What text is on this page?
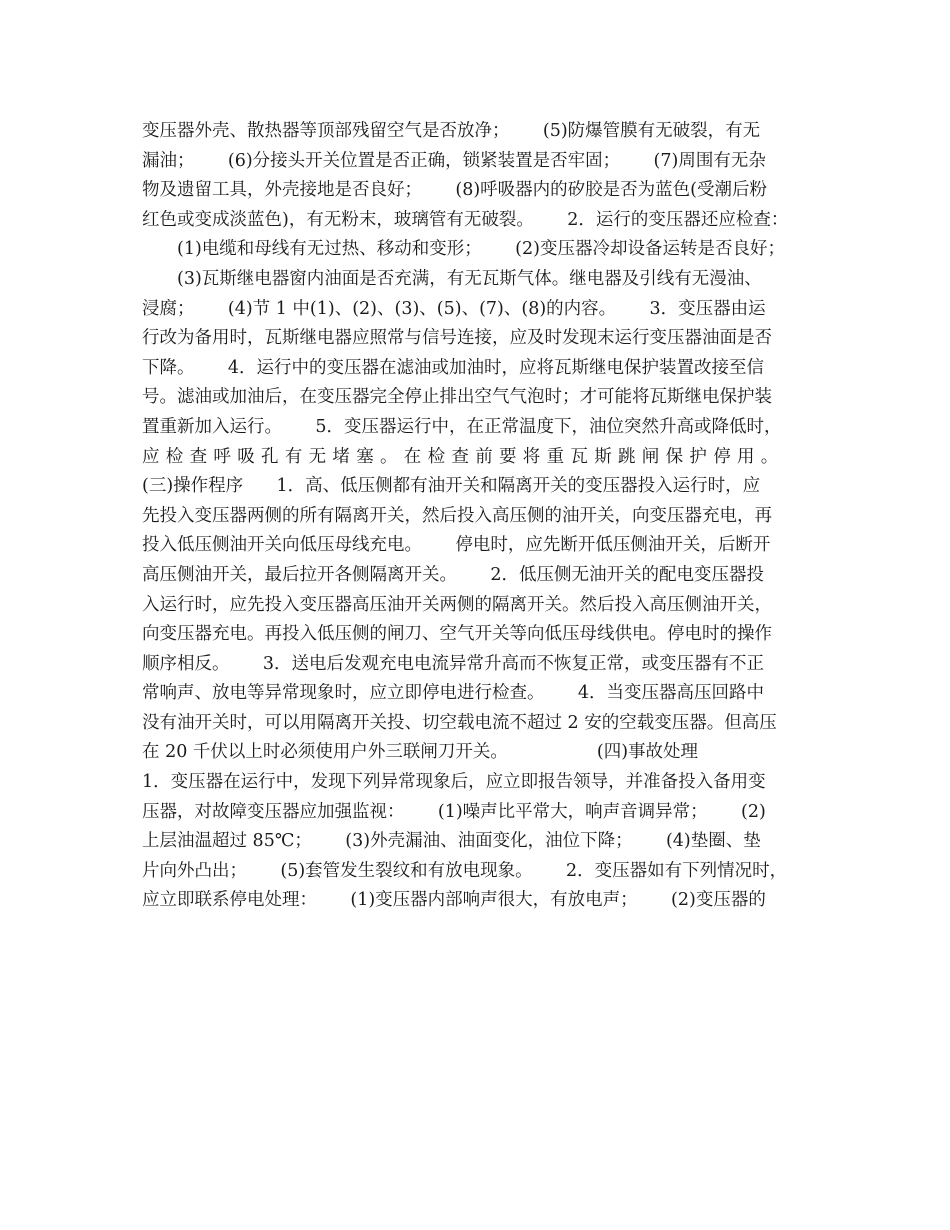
变压器外壳、散热器等顶部残留空气是否放净；      (5)防爆管膜有无破裂，有无
漏油；      (6)分接头开关位置是否正确，锁紧装置是否牢固；      (7)周围有无杂
物及遗留工具，外壳接地是否良好；      (8)呼吸器内的矽胶是否为蓝色(受潮后粉
红色或变成淡蓝色)，有无粉末，玻璃管有无破裂。      2．运行的变压器还应检查：
(1)电缆和母线有无过热、移动和变形；      (2)变压器冷却设备运转是否良好；
(3)瓦斯继电器窗内油面是否充满，有无瓦斯气体。继电器及引线有无漫油、
浸腐；      (4)节 1 中(1)、(2)、(3)、(5)、(7)、(8)的内容。      3．变压器由运
行改为备用时，瓦斯继电器应照常与信号连接，应及时发现末运行变压器油面是否
下降。      4．运行中的变压器在滤油或加油时，应将瓦斯继电保护装置改接至信
号。滤油或加油后，在变压器完全停止排出空气气泡时；才可能将瓦斯继电保护装
置重新加入运行。      5．变压器运行中，在正常温度下，油位突然升高或降低时，
应检查呼吸孔有无堵塞。在检查前要将重瓦斯跳闸保护停用。
(三)操作程序      1．高、低压侧都有油开关和隔离开关的变压器投入运行时，应
先投入变压器两侧的所有隔离开关，然后投入高压侧的油开关，向变压器充电，再
投入低压侧油开关向低压母线充电。      停电时，应先断开低压侧油开关，后断开
高压侧油开关，最后拉开各侧隔离开关。      2．低压侧无油开关的配电变压器投
入运行时，应先投入变压器高压油开关两侧的隔离开关。然后投入高压侧油开关，
向变压器充电。再投入低压侧的闸刀、空气开关等向低压母线供电。停电时的操作
顺序相反。      3．送电后发观充电电流异常升高而不恢复正常，或变压器有不正
常响声、放电等异常现象时，应立即停电进行检查。      4．当变压器高压回路中
没有油开关时，可以用隔离开关投、切空载电流不超过 2 安的空载变压器。但高压
在 20 千伏以上时必须使用户外三联闸刀开关。                (四)事故处理
1．变压器在运行中，发现下列异常现象后，应立即报告领导，并准备投入备用变
压器，对故障变压器应加强监视：      (1)噪声比平常大，响声音调异常；      (2)
上层油温超过 85℃；      (3)外壳漏油、油面变化，油位下降；      (4)垫圈、垫
片向外凸出；      (5)套管发生裂纹和有放电现象。      2．变压器如有下列情况时，
应立即联系停电处理：      (1)变压器内部响声很大，有放电声；      (2)变压器的
